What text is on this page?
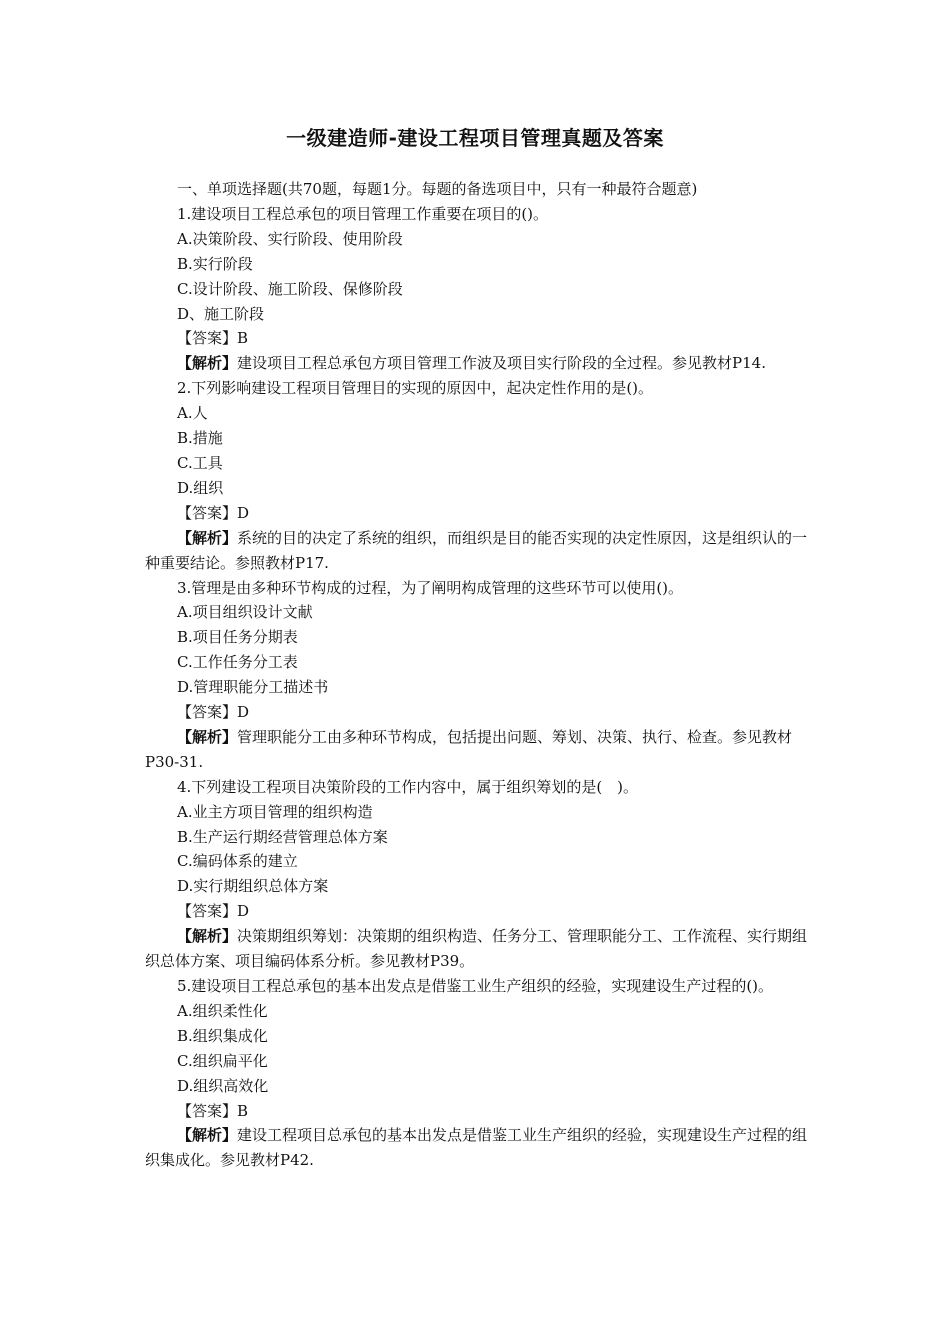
一级建造师-建设工程项目管理真题及答案

一、单项选择题(共70题，每题1分。每题的备选项目中，只有一种最符合题意)

1.建设项目工程总承包的项目管理工作重要在项目的()。

A.决策阶段、实行阶段、使用阶段

B.实行阶段

C.设计阶段、施工阶段、保修阶段

D、施工阶段

【答案】B

【解析】建设项目工程总承包方项目管理工作波及项目实行阶段的全过程。参见教材P14.

2.下列影响建设工程项目管理目的实现的原因中，起决定性作用的是()。

A.人

B.措施

C.工具

D.组织

【答案】D

【解析】系统的目的决定了系统的组织，而组织是目的能否实现的决定性原因，这是组织认的一种重要结论。参照教材P17.

3.管理是由多种环节构成的过程，为了阐明构成管理的这些环节可以使用()。

A.项目组织设计文献

B.项目任务分期表

C.工作任务分工表

D.管理职能分工描述书

【答案】D

【解析】管理职能分工由多种环节构成，包括提出问题、筹划、决策、执行、检查。参见教材P30-31.

4.下列建设工程项目决策阶段的工作内容中，属于组织筹划的是(　)。

A.业主方项目管理的组织构造

B.生产运行期经营管理总体方案

C.编码体系的建立

D.实行期组织总体方案

【答案】D

【解析】决策期组织筹划：决策期的组织构造、任务分工、管理职能分工、工作流程、实行期组织总体方案、项目编码体系分析。参见教材P39。

5.建设项目工程总承包的基本出发点是借鉴工业生产组织的经验，实现建设生产过程的()。

A.组织柔性化

B.组织集成化

C.组织扁平化

D.组织高效化

【答案】B

【解析】建设工程项目总承包的基本出发点是借鉴工业生产组织的经验，实现建设生产过程的组织集成化。参见教材P42.
